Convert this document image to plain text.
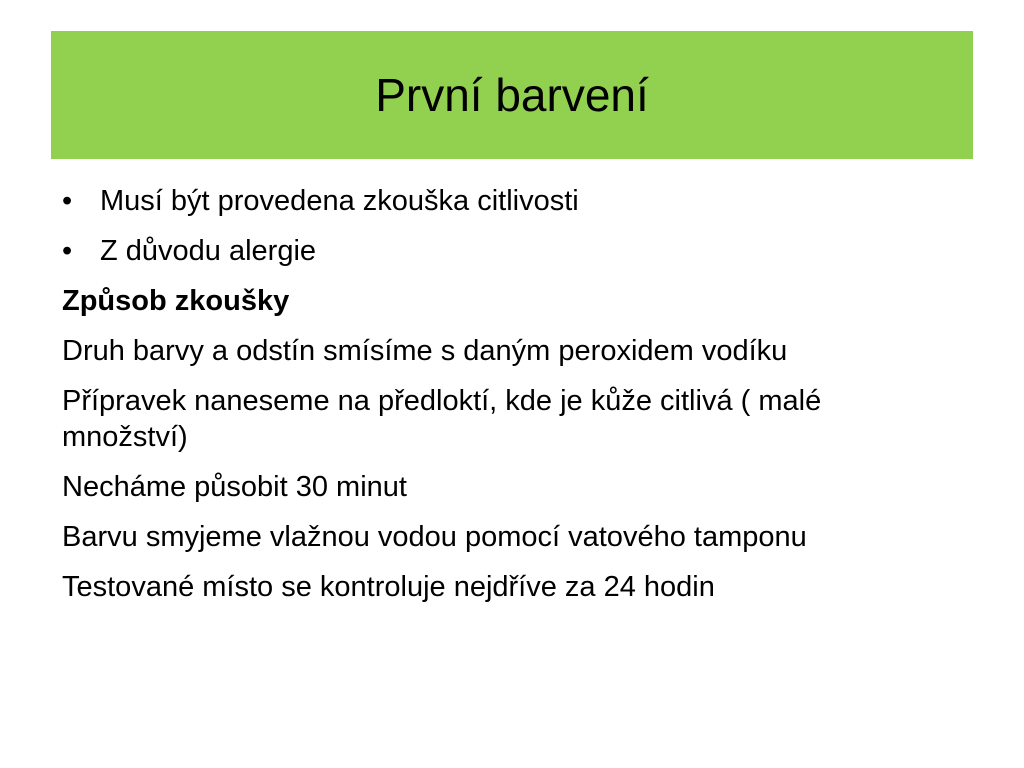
První barvení
• Musí být provedena zkouška citlivosti
• Z důvodu alergie
Způsob zkoušky
Druh barvy a odstín smísíme s daným peroxidem vodíku
Přípravek naneseme na předloktí, kde je kůže citlivá ( malé množství)
Necháme působit 30 minut
Barvu smyjeme vlažnou vodou pomocí vatového tamponu
Testované místo se kontroluje nejdříve za 24 hodin
